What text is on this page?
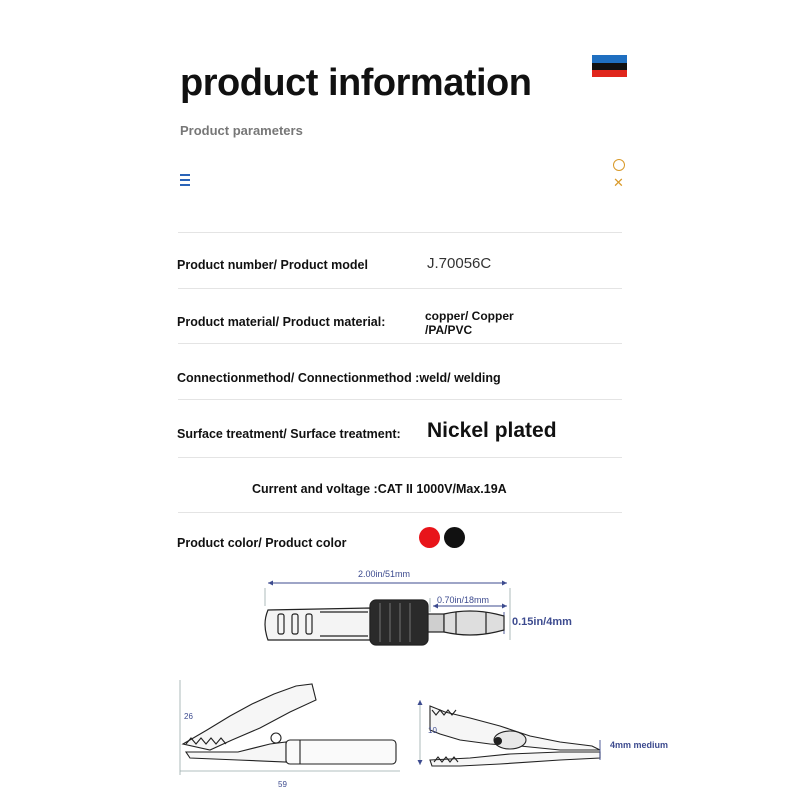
product information
Product parameters
✕
Product number/ Product model	J.70056C
Product material/ Product material:	copper/ Copper
/PA/PVC
Connectionmethod/ Connectionmethod :weld/ welding
Surface treatment/ Surface treatment: Nickel plated
Current and voltage :CAT II 1000V/Max.19A
Product color/ Product color
2.00in/51mm
0.70in/18mm
0.15in/4mm
26
59
10
4mm medium
